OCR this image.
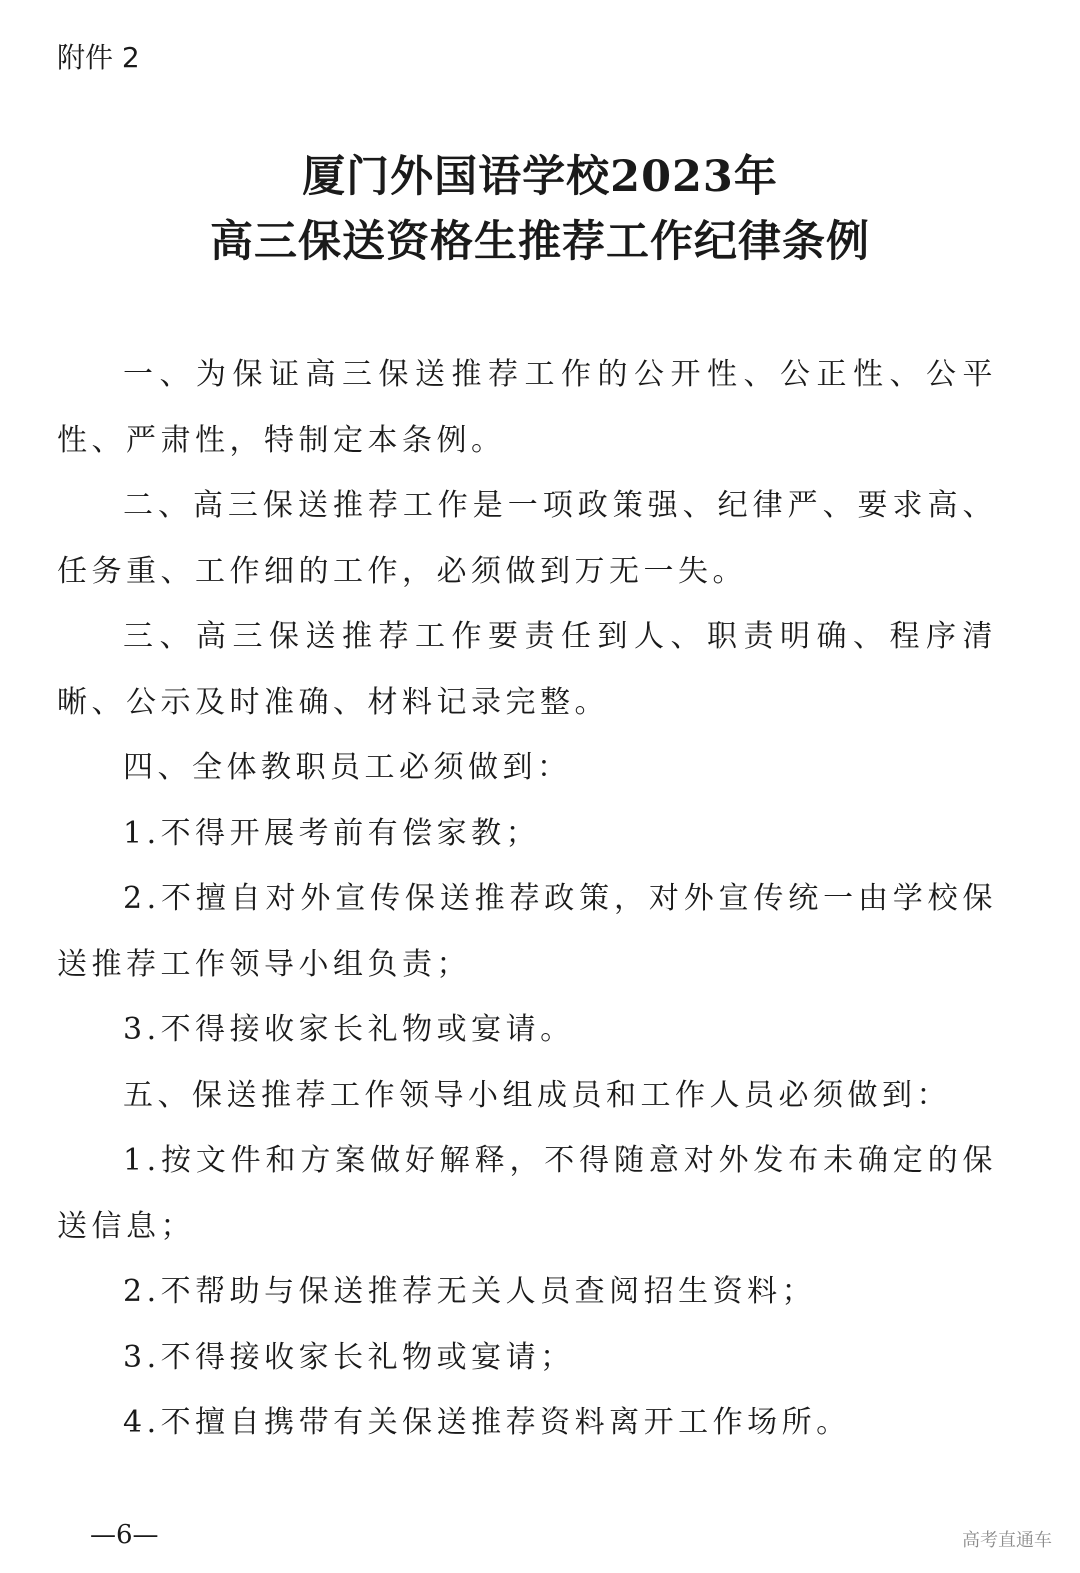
附件 2
厦门外国语学校2023年
高三保送资格生推荐工作纪律条例

一、为保证高三保送推荐工作的公开性、公正性、公平性、严肃性，特制定本条例。

二、高三保送推荐工作是一项政策强、纪律严、要求高、任务重、工作细的工作，必须做到万无一失。

三、高三保送推荐工作要责任到人、职责明确、程序清晰、公示及时准确、材料记录完整。

四、全体教职员工必须做到：

1.不得开展考前有偿家教；

2.不擅自对外宣传保送推荐政策，对外宣传统一由学校保送推荐工作领导小组负责；

3.不得接收家长礼物或宴请。

五、保送推荐工作领导小组成员和工作人员必须做到：

1.按文件和方案做好解释，不得随意对外发布未确定的保送信息；

2.不帮助与保送推荐无关人员查阅招生资料；

3.不得接收家长礼物或宴请；

4.不擅自携带有关保送推荐资料离开工作场所。

—6—	高考直通车
